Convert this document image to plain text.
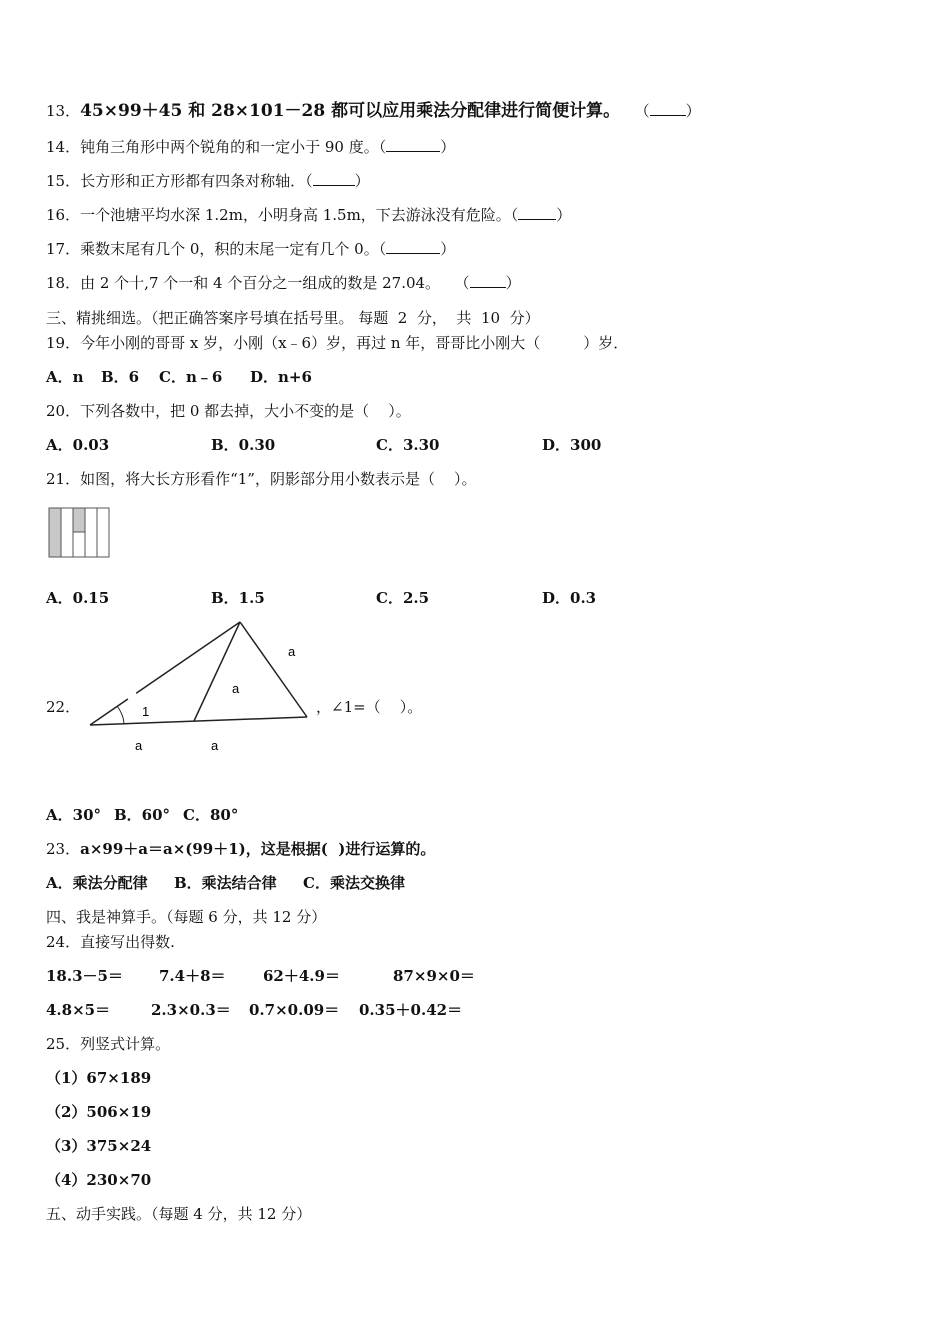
13．45×99＋45 和 28×101－28 都可以应用乘法分配律进行简便计算。 （ ）
14．钝角三角形中两个锐角的和一定小于 90 度。（	）
15．长方形和正方形都有四条对称轴．（	）
16．一个池塘平均水深 1.2m，小明身高 1.5m，下去游泳没有危险。（	）
17．乘数末尾有几个 0，积的末尾一定有几个 0。（	）
18．由 2 个十,7 个一和 4 个百分之一组成的数是 27.04。 （ ）
三、精挑细选。（把正确答案序号填在括号里。 每题  2  分，  共  10  分）
19．今年小刚的哥哥 x 岁，小刚（x﹣6）岁，再过 n 年，哥哥比小刚大（         ）岁．
A．n B．6 C．n﹣6 D．n+6
20．下列各数中，把 0 都去掉，大小不变的是（    ）。
A．0.03	B．0.30	C．3.30	D．300
21．如图，将大长方形看作“1”，阴影部分用小数表示是（    ）。
A．0.15	B．1.5	C．2.5	D．0.3
22．	1
a
a
a	a
，∠1=（    ）。
A．30° B．60° C．80°
23．a×99＋a＝a×(99＋1)，这是根据(  )进行运算的。
A．乘法分配律 B．乘法结合律 C．乘法交换律
四、我是神算手。（每题 6 分，共 12 分）
24．直接写出得数.
18.3－5＝ 7.4＋8＝ 62＋4.9＝	87×9×0＝
4.8×5＝	2.3×0.3＝ 0.7×0.09＝ 0.35＋0.42＝
25．列竖式计算。
（1）67×189
（2）506×19
（3）375×24
（4）230×70
五、动手实践。（每题 4 分，共 12 分）
